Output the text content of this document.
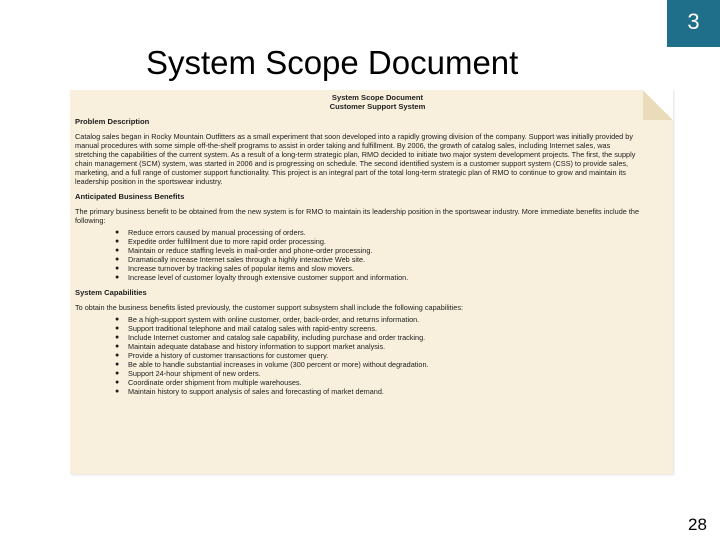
3
System Scope Document
System Scope Document
Customer Support System
Problem Description

Catalog sales began in Rocky Mountain Outfitters as a small experiment that soon developed into a rapidly growing division of the company. Support was initially provided by manual procedures with some simple off-the-shelf programs to assist in order taking and fulfillment. By 2006, the growth of catalog sales, including Internet sales, was stretching the capabilities of the current system. As a result of a long-term strategic plan, RMO decided to initiate two major system development projects. The first, the supply chain management (SCM) system, was started in 2006 and is progressing on schedule. The second identified system is a customer support system (CSS) to provide sales, marketing, and a full range of customer support functionality. This project is an integral part of the total long-term strategic plan of RMO to continue to grow and maintain its leadership position in the sportswear industry.

Anticipated Business Benefits

The primary business benefit to be obtained from the new system is for RMO to maintain its leadership position in the sportswear industry. More immediate benefits include the following:

● Reduce errors caused by manual processing of orders.
● Expedite order fulfillment due to more rapid order processing.
● Maintain or reduce staffing levels in mail-order and phone-order processing.
● Dramatically increase Internet sales through a highly interactive Web site.
● Increase turnover by tracking sales of popular items and slow movers.
● Increase level of customer loyalty through extensive customer support and information.
System Capabilities

To obtain the business benefits listed previously, the customer support subsystem shall include the following capabilities:

● Be a high-support system with online customer, order, back-order, and returns information.
● Support traditional telephone and mail catalog sales with rapid-entry screens.
● Include Internet customer and catalog sale capability, including purchase and order tracking.
● Maintain adequate database and history information to support market analysis.
● Provide a history of customer transactions for customer query.
● Be able to handle substantial increases in volume (300 percent or more) without degradation.
● Support 24-hour shipment of new orders.
● Coordinate order shipment from multiple warehouses.
● Maintain history to support analysis of sales and forecasting of market demand.
28
